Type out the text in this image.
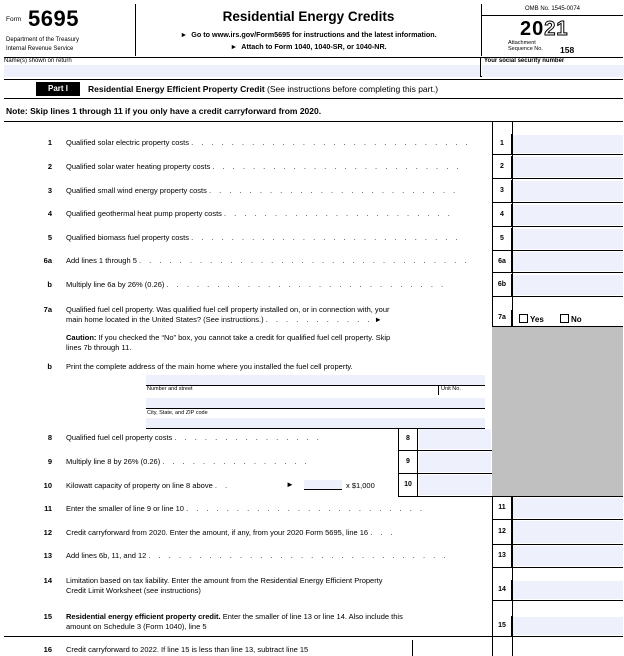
Form 5695
Department of the Treasury
Internal Revenue Service
Residential Energy Credits
► Go to www.irs.gov/Form5695 for instructions and the latest information.
► Attach to Form 1040, 1040-SR, or 1040-NR.
OMB No. 1545-0074
2021
Attachment
Sequence No. 158
Name(s) shown on return	Your social security number
Part I	Residential Energy Efficient Property Credit (See instructions before completing this part.)
Note: Skip lines 1 through 11 if you only have a credit carryforward from 2020.
1 Qualified solar electric property costs . . . . . . . . . . . . . . . . . . . . . . . . . . . .	1
2 Qualified solar water heating property costs . . . . . . . . . . . . . . . . . . . . . . . . .	2
3 Qualified small wind energy property costs . . . . . . . . . . . . . . . . . . . . . . . . .	3
4 Qualified geothermal heat pump property costs . . . . . . . . . . . . . . . . . . . . . . .	4
5 Qualified biomass fuel property costs . . . . . . . . . . . . . . . . . . . . . . . . . . .	5
6a Add lines 1 through 5 . . . . . . . . . . . . . . . . . . . . . . . . . . . . . . . . .	6a
b Multiply line 6a by 26% (0.26) . . . . . . . . . . . . . . . . . . . . . . . . . . . .	6b
7a Qualified fuel cell property. Was qualified fuel cell property installed on, or in connection with, your
main home located in the United States? (See instructions.) . . . . . . . . . . . ►	7a	Yes	No
Caution: If you checked the “No” box, you cannot take a credit for qualified fuel cell property. Skip
lines 7b through 11.
b Print the complete address of the main home where you installed the fuel cell property.
Number and street	Unit No.
City, State, and ZIP code
8 Qualified fuel cell property costs . . . . . . . . . . . . . . .	8
9 Multiply line 8 by 26% (0.26) . . . . . . . . . . . . . . .	9
10 Kilowatt capacity of property on line 8 above . .	►	x $1,000	10
11 Enter the smaller of line 9 or line 10 . . . . . . . . . . . . . . . . . . . . . . . .	11
12 Credit carryforward from 2020. Enter the amount, if any, from your 2020 Form 5695, line 16 . . .	12
13 Add lines 6b, 11, and 12 . . . . . . . . . . . . . . . . . . . . . . . . . . . . . .	13
14 Limitation based on tax liability. Enter the amount from the Residential Energy Efficient Property
Credit Limit Worksheet (see instructions)	14
15 Residential energy efficient property credit. Enter the smaller of line 13 or line 14. Also include this
amount on Schedule 3 (Form 1040), line 5	15
16 Credit carryforward to 2022. If line 15 is less than line 13, subtract line 15
